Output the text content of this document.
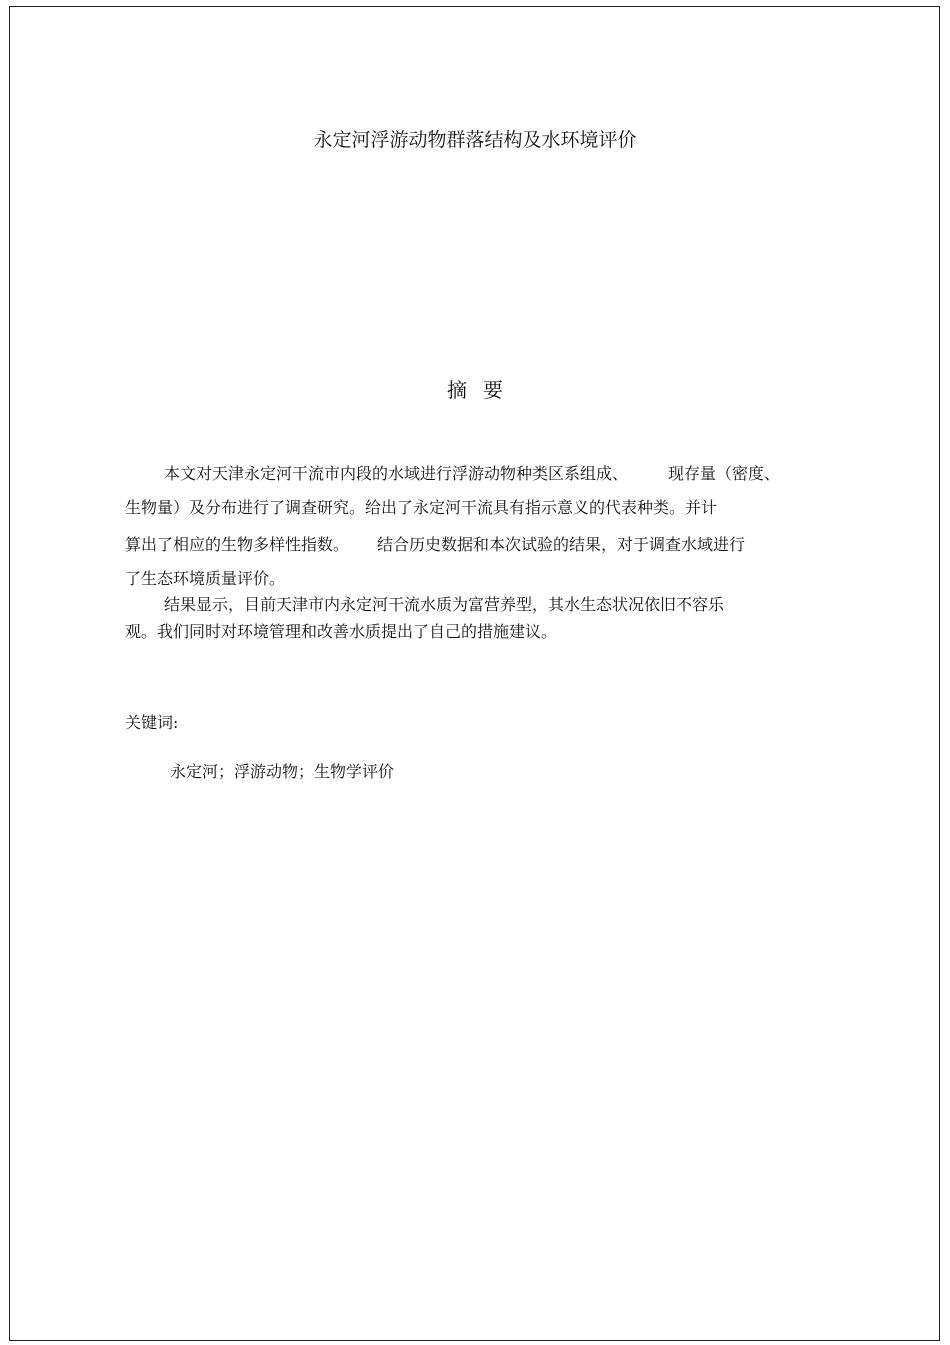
永定河浮游动物群落结构及水环境评价
摘要
本文对天津永定河干流市内段的水域进行浮游动物种类区系组成、	现存量（密度、
生物量）及分布进行了调查研究。给出了永定河干流具有指示意义的代表种类。并计
算出了相应的生物多样性指数。 结合历史数据和本次试验的结果，对于调查水域进行
了生态环境质量评价。
结果显示，目前天津市内永定河干流水质为富营养型，其水生态状况依旧不容乐
观。我们同时对环境管理和改善水质提出了自己的措施建议。
关键词:
永定河；浮游动物；生物学评价
